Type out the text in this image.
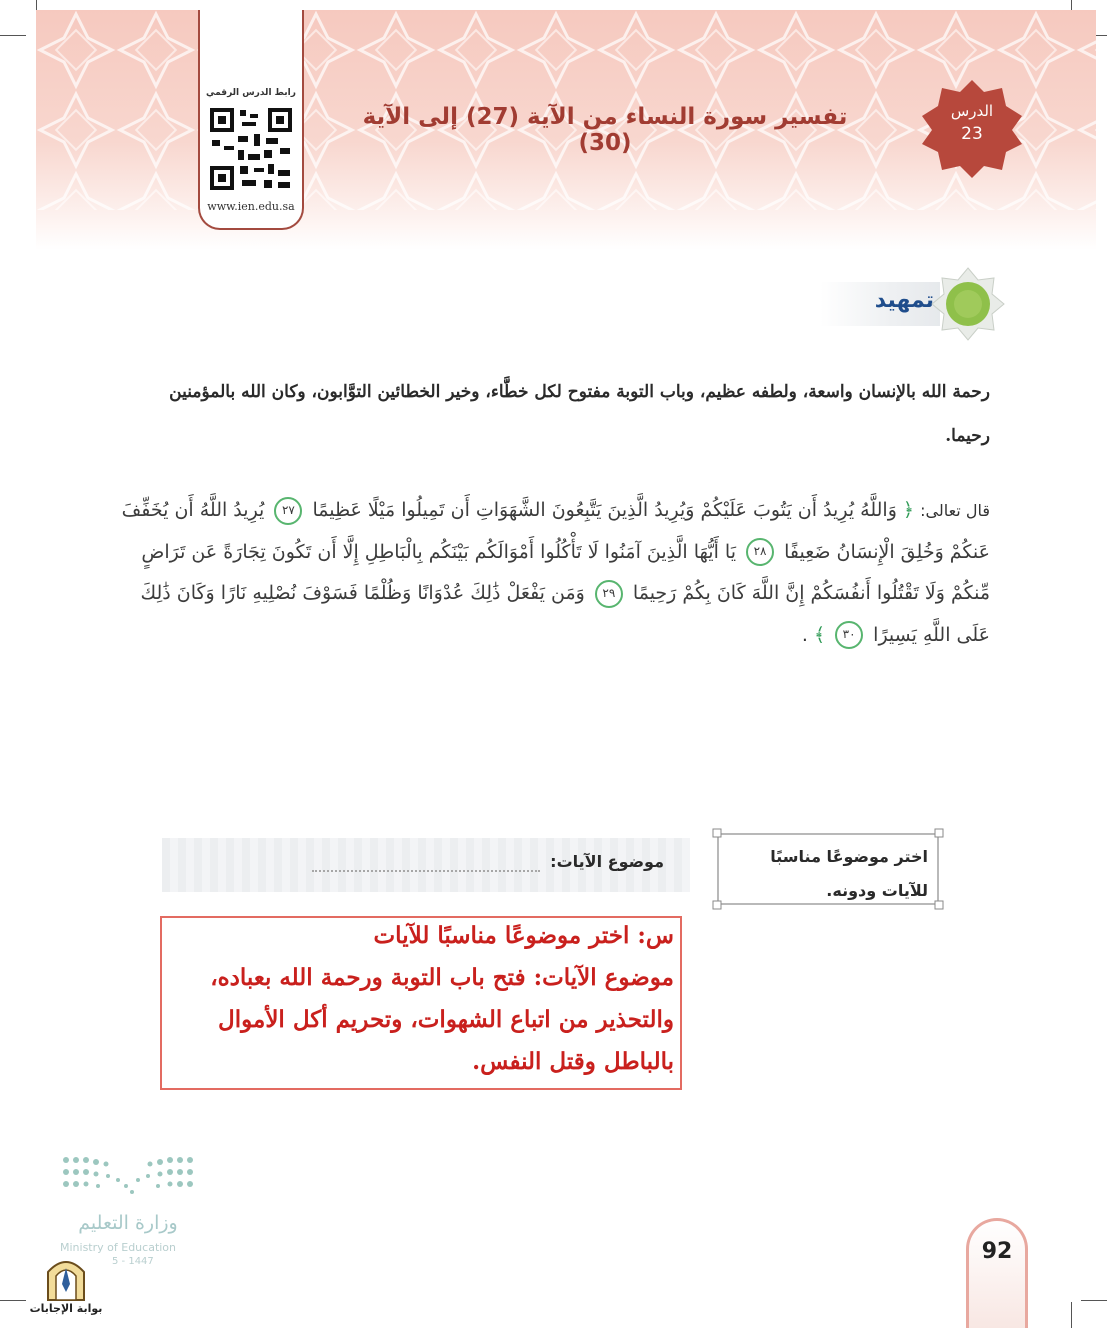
الدرس
23
تفسير سورة النساء من الآية (27) إلى الآية (30)
رابط الدرس الرقمي
www.ien.edu.sa
تمهيد
رحمة الله بالإنسان واسعة، ولطفه عظيم، وباب التوبة مفتوح لكل خطَّاء، وخير الخطائين التوَّابون، وكان الله بالمؤمنين رحيما.
قال تعالى: ﴿ وَاللَّهُ يُرِيدُ أَن يَتُوبَ عَلَيْكُمْ وَيُرِيدُ الَّذِينَ يَتَّبِعُونَ الشَّهَوَاتِ أَن تَمِيلُوا مَيْلًا عَظِيمًا ٢٧ يُرِيدُ اللَّهُ أَن يُخَفِّفَ عَنكُمْ وَخُلِقَ الْإِنسَانُ ضَعِيفًا ٢٨ يَا أَيُّهَا الَّذِينَ آمَنُوا لَا تَأْكُلُوا أَمْوَالَكُم بَيْنَكُم بِالْبَاطِلِ إِلَّا أَن تَكُونَ تِجَارَةً عَن تَرَاضٍ مِّنكُمْ وَلَا تَقْتُلُوا أَنفُسَكُمْ إِنَّ اللَّهَ كَانَ بِكُمْ رَحِيمًا ٢٩ وَمَن يَفْعَلْ ذَٰلِكَ عُدْوَانًا وَظُلْمًا فَسَوْفَ نُصْلِيهِ نَارًا وَكَانَ ذَٰلِكَ عَلَى اللَّهِ يَسِيرًا ٣٠ ﴾ .
اختر موضوعًا مناسبًا
للآيات ودونه.
موضوع الآيات:
س: اختر موضوعًا مناسبًا للآيات
موضوع الآيات: فتح باب التوبة ورحمة الله بعباده،
والتحذير من اتباع الشهوات، وتحريم أكل الأموال
بالباطل وقتل النفس.
وزارة التعليم
Ministry of Education
5 - 1447
بوابة الإجابات
92
